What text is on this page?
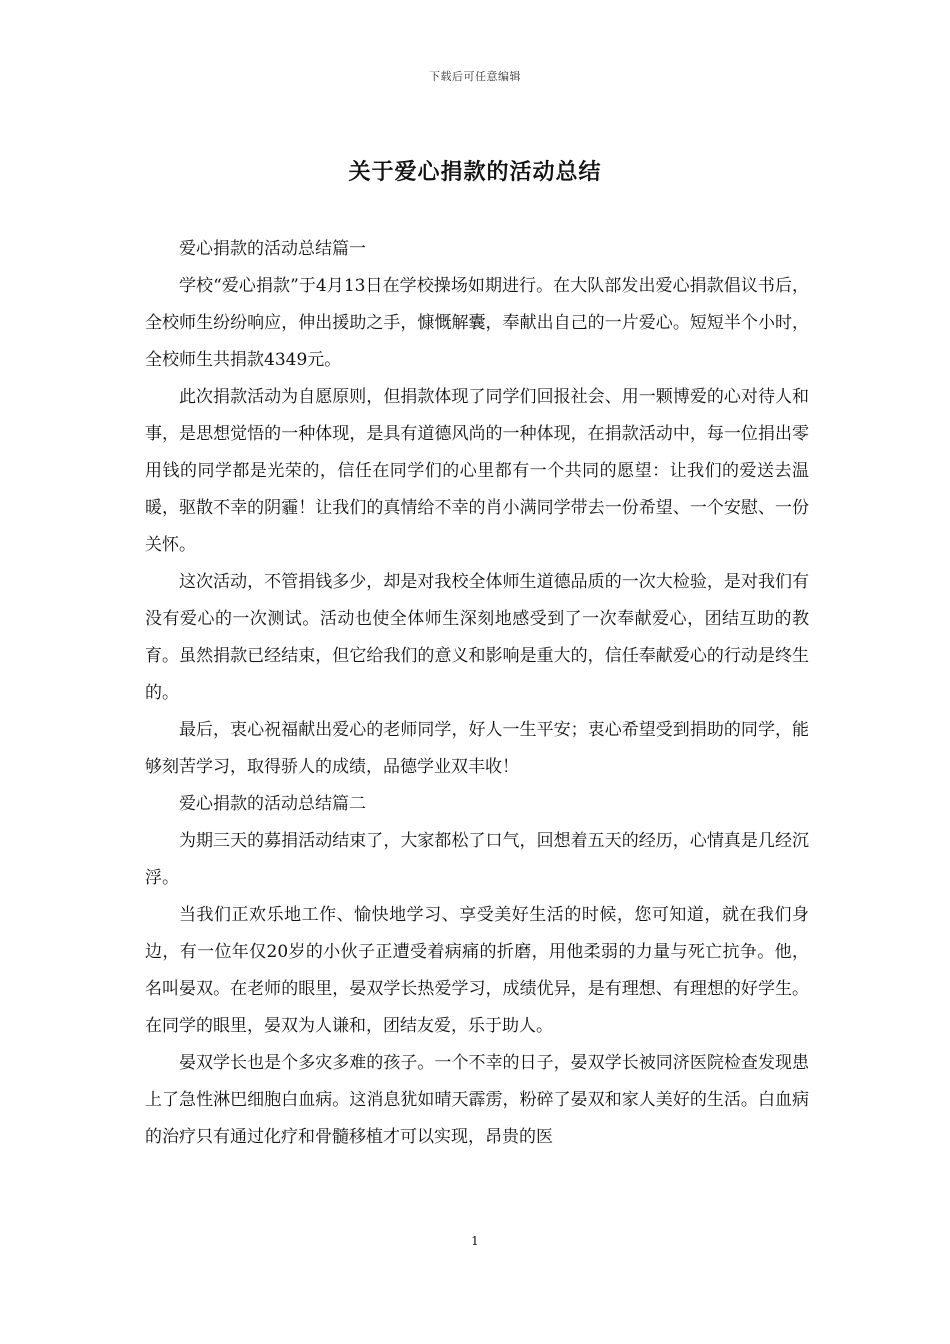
下载后可任意编辑
关于爱心捐款的活动总结

爱心捐款的活动总结篇一

学校“爱心捐款”于4月13日在学校操场如期进行。在大队部发出爱心捐款倡议书后，全校师生纷纷响应，伸出援助之手，慷慨解囊，奉献出自己的一片爱心。短短半个小时，全校师生共捐款4349元。

此次捐款活动为自愿原则，但捐款体现了同学们回报社会、用一颗博爱的心对待人和事，是思想觉悟的一种体现，是具有道德风尚的一种体现，在捐款活动中，每一位捐出零用钱的同学都是光荣的，信任在同学们的心里都有一个共同的愿望：让我们的爱送去温暖，驱散不幸的阴霾！让我们的真情给不幸的肖小满同学带去一份希望、一个安慰、一份关怀。

这次活动，不管捐钱多少，却是对我校全体师生道德品质的一次大检验，是对我们有没有爱心的一次测试。活动也使全体师生深刻地感受到了一次奉献爱心，团结互助的教育。虽然捐款已经结束，但它给我们的意义和影响是重大的，信任奉献爱心的行动是终生的。

最后，衷心祝福献出爱心的老师同学，好人一生平安；衷心希望受到捐助的同学，能够刻苦学习，取得骄人的成绩，品德学业双丰收！

爱心捐款的活动总结篇二

为期三天的募捐活动结束了，大家都松了口气，回想着五天的经历，心情真是几经沉浮。

当我们正欢乐地工作、愉快地学习、享受美好生活的时候，您可知道，就在我们身边，有一位年仅20岁的小伙子正遭受着病痛的折磨，用他柔弱的力量与死亡抗争。他，名叫晏双。在老师的眼里，晏双学长热爱学习，成绩优异，是有理想、有理想的好学生。在同学的眼里，晏双为人谦和，团结友爱，乐于助人。

晏双学长也是个多灾多难的孩子。一个不幸的日子，晏双学长被同济医院检查发现患上了急性淋巴细胞白血病。这消息犹如晴天霹雳，粉碎了晏双和家人美好的生活。白血病的治疗只有通过化疗和骨髓移植才可以实现，昂贵的医

1
